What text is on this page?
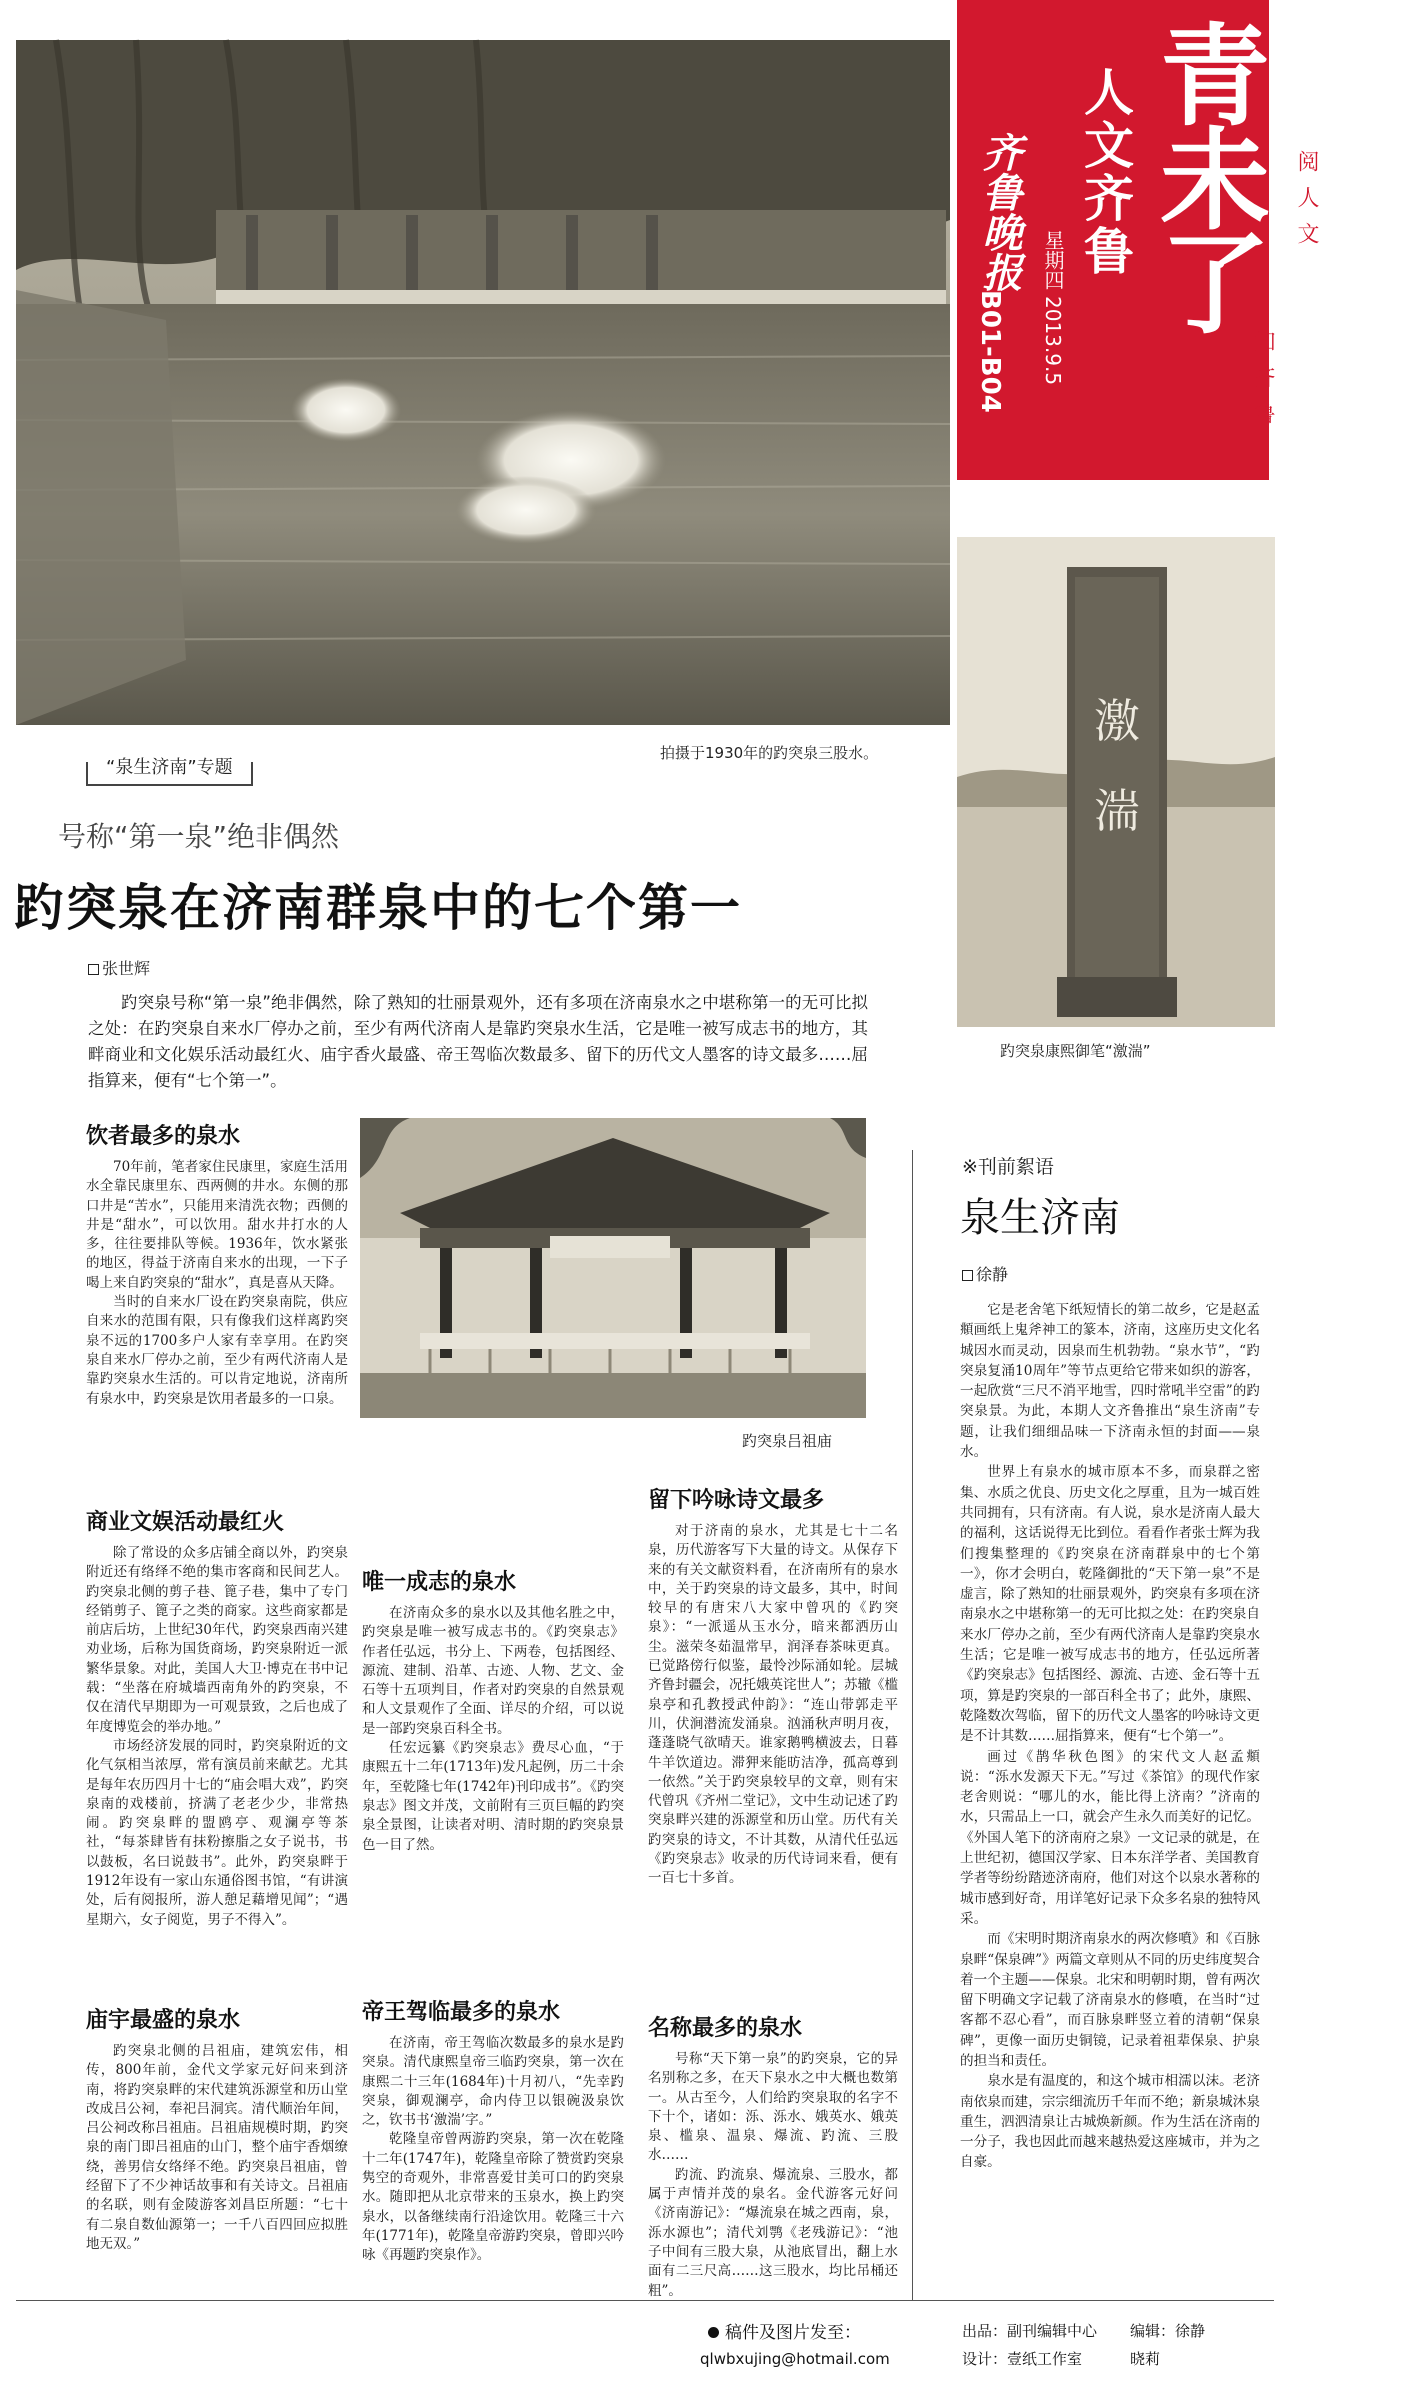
青未了
人文齐鲁
星期四 2013.9.5
齐鲁晚报
B01-B04
阅人文
知齐鲁
拍摄于1930年的趵突泉三股水。
激
湍
趵突泉康熙御笔“激湍”
“泉生济南”专题
号称“第一泉”绝非偶然
趵突泉在济南群泉中的七个第一
张世辉
趵突泉号称“第一泉”绝非偶然，除了熟知的壮丽景观外，还有多项在济南泉水之中堪称第一的无可比拟之处：在趵突泉自来水厂停办之前，至少有两代济南人是靠趵突泉水生活，它是唯一被写成志书的地方，其畔商业和文化娱乐活动最红火、庙宇香火最盛、帝王驾临次数最多、留下的历代文人墨客的诗文最多……屈指算来，便有“七个第一”。
趵突泉吕祖庙
饮者最多的泉水

70年前，笔者家住民康里，家庭生活用水全靠民康里东、西两侧的井水。东侧的那口井是“苦水”，只能用来清洗衣物；西侧的井是“甜水”，可以饮用。甜水井打水的人多，往往要排队等候。1936年，饮水紧张的地区，得益于济南自来水的出现，一下子喝上来自趵突泉的“甜水”，真是喜从天降。

当时的自来水厂设在趵突泉南院，供应自来水的范围有限，只有像我们这样离趵突泉不远的1700多户人家有幸享用。在趵突泉自来水厂停办之前，至少有两代济南人是靠趵突泉水生活的。可以肯定地说，济南所有泉水中，趵突泉是饮用者最多的一口泉。

商业文娱活动最红火

除了常设的众多店铺全商以外，趵突泉附近还有络绎不绝的集市客商和民间艺人。趵突泉北侧的剪子巷、篦子巷，集中了专门经销剪子、篦子之类的商家。这些商家都是前店后坊，上世纪30年代，趵突泉西南兴建劝业场，后称为国货商场，趵突泉附近一派繁华景象。对此，美国人大卫·博克在书中记载：“坐落在府城墙西南角外的趵突泉，不仅在清代早期即为一可观景致，之后也成了年度博览会的举办地。”

市场经济发展的同时，趵突泉附近的文化气氛相当浓厚，常有演员前来献艺。尤其是每年农历四月十七的“庙会唱大戏”，趵突泉南的戏楼前，挤满了老老少少，非常热闹。趵突泉畔的盟鸥亭、观澜亭等茶社，“每茶肆皆有抹粉擦脂之女子说书，书以鼓板，名曰说鼓书”。此外，趵突泉畔于1912年设有一家山东通俗图书馆，“有讲演处，后有阅报所，游人憩足藉增见闻”；“遇星期六，女子阅览，男子不得入”。

庙宇最盛的泉水

趵突泉北侧的吕祖庙，建筑宏伟，相传，800年前，金代文学家元好问来到济南，将趵突泉畔的宋代建筑泺源堂和历山堂改成吕公祠，奉祀吕洞宾。清代顺治年间，吕公祠改称吕祖庙。吕祖庙规模时期，趵突泉的南门即吕祖庙的山门，整个庙宇香烟缭绕，善男信女络绎不绝。趵突泉吕祖庙，曾经留下了不少神话故事和有关诗文。吕祖庙的名联，则有金陵游客刘昌臣所题：“七十有二泉自数仙源第一；一千八百四回应拟胜地无双。”

唯一成志的泉水

在济南众多的泉水以及其他名胜之中，趵突泉是唯一被写成志书的。《趵突泉志》作者任弘远，书分上、下两卷，包括图经、源流、建制、沿革、古迹、人物、艺文、金石等十五项判目，作者对趵突泉的自然景观和人文景观作了全面、详尽的介绍，可以说是一部趵突泉百科全书。

任宏远纂《趵突泉志》费尽心血，“于康熙五十二年(1713年)发凡起例，历二十余年，至乾隆七年(1742年)刊印成书”。《趵突泉志》图文并茂，文前附有三页巨幅的趵突泉全景图，让读者对明、清时期的趵突泉景色一目了然。

帝王驾临最多的泉水

在济南，帝王驾临次数最多的泉水是趵突泉。清代康熙皇帝三临趵突泉，第一次在康熙二十三年(1684年)十月初八，“先幸趵突泉，御观澜亭，命内侍卫以银碗汲泉饮之，钦书书‘激湍’字。”

乾隆皇帝曾两游趵突泉，第一次在乾隆十二年(1747年)，乾隆皇帝除了赞赏趵突泉隽空的奇观外，非常喜爱甘美可口的趵突泉水。随即把从北京带来的玉泉水，换上趵突泉水，以备继续南行沿途饮用。乾隆三十六年(1771年)，乾隆皇帝游趵突泉，曾即兴吟咏《再题趵突泉作》。

留下吟咏诗文最多

对于济南的泉水，尤其是七十二名泉，历代游客写下大量的诗文。从保存下来的有关文献资料看，在济南所有的泉水中，关于趵突泉的诗文最多，其中，时间较早的有唐宋八大家中曾巩的《趵突泉》：“一派遥从玉水分，暗来都洒历山尘。滋荣冬茹温常早，润泽春茶味更真。已觉路傍行似鉴，最怜沙际涌如轮。层城齐鲁封疆会，况托娥英诧世人”；苏辙《槛泉亭和孔教授武仲韵》：“连山带郭走平川，伏涧潜流发涌泉。汹涌秋声明月夜，蓬蓬晓气欲晴天。谁家鹅鸭横波去，日暮牛羊饮道边。滞狎来能昉洁净，孤高尊到一依然。”关于趵突泉较早的文章，则有宋代曾巩《齐州二堂记》，文中生动记述了趵突泉畔兴建的泺源堂和历山堂。历代有关趵突泉的诗文，不计其数，从清代任弘远《趵突泉志》收录的历代诗词来看，便有一百七十多首。

名称最多的泉水

号称“天下第一泉”的趵突泉，它的异名别称之多，在天下泉水之中大概也数第一。从古至今，人们给趵突泉取的名字不下十个，诸如：泺、泺水、娥英水、娥英泉、槛泉、温泉、爆流、趵流、三股水……

趵流、趵流泉、爆流泉、三股水，都属于声情并茂的泉名。金代游客元好问《济南游记》：“爆流泉在城之西南，泉，泺水源也”；清代刘鹗《老残游记》：“池子中间有三股大泉，从池底冒出，翻上水面有二三尺高……这三股水，均比吊桶还粗”。

※刊前絮语
泉生济南
徐静

它是老舍笔下纸短情长的第二故乡，它是赵孟頫画纸上鬼斧神工的篆本，济南，这座历史文化名城因水而灵动，因泉而生机勃勃。“泉水节”，“趵突泉复涌10周年”等节点更给它带来如织的游客，一起欣赏“三尺不消平地雪，四时常吼半空雷”的趵突泉景。为此，本期人文齐鲁推出“泉生济南”专题，让我们细细品味一下济南永恒的封面——泉水。

世界上有泉水的城市原本不多，而泉群之密集、水质之优良、历史文化之厚重，且为一城百姓共同拥有，只有济南。有人说，泉水是济南人最大的福利，这话说得无比到位。看看作者张士辉为我们搜集整理的《趵突泉在济南群泉中的七个第一》，你才会明白，乾隆御批的“天下第一泉”不是虚言，除了熟知的壮丽景观外，趵突泉有多项在济南泉水之中堪称第一的无可比拟之处：在趵突泉自来水厂停办之前，至少有两代济南人是靠趵突泉水生活；它是唯一被写成志书的地方，任弘远所著《趵突泉志》包括图经、源流、古迹、金石等十五项，算是趵突泉的一部百科全书了；此外，康熙、乾隆数次驾临，留下的历代文人墨客的吟咏诗文更是不计其数……屈指算来，便有“七个第一”。

画过《鹊华秋色图》的宋代文人赵孟頫说：“泺水发源天下无。”写过《茶馆》的现代作家老舍则说：“哪儿的水，能比得上济南？”济南的水，只需品上一口，就会产生永久而美好的记忆。《外国人笔下的济南府之泉》一文记录的就是，在上世纪初，德国汉学家、日本东洋学者、美国教育学者等纷纷踏迹济南府，他们对这个以泉水著称的城市感到好奇，用详笔好记录下众多名泉的独特风采。

而《宋明时期济南泉水的两次修噴》和《百脉泉畔“保泉碑”》两篇文章则从不同的历史纬度契合着一个主题——保泉。北宋和明朝时期，曾有两次留下明确文字记载了济南泉水的修噴，在当时“过客都不忍心看”，而百脉泉畔竖立着的清朝“保泉碑”，更像一面历史铜镜，记录着祖辈保泉、护泉的担当和责任。

泉水是有温度的，和这个城市相濡以沫。老济南依泉而建，宗宗细流历千年而不绝；新泉城沐泉重生，泗泗清泉让古城焕新颜。作为生活在济南的一分子，我也因此而越来越热爱这座城市，并为之自豪。

稿件及图片发至：
qlwbxujing@hotmail.com
出品：副刊编辑中心 编辑：徐静
设计：壹纸工作室	晓莉
